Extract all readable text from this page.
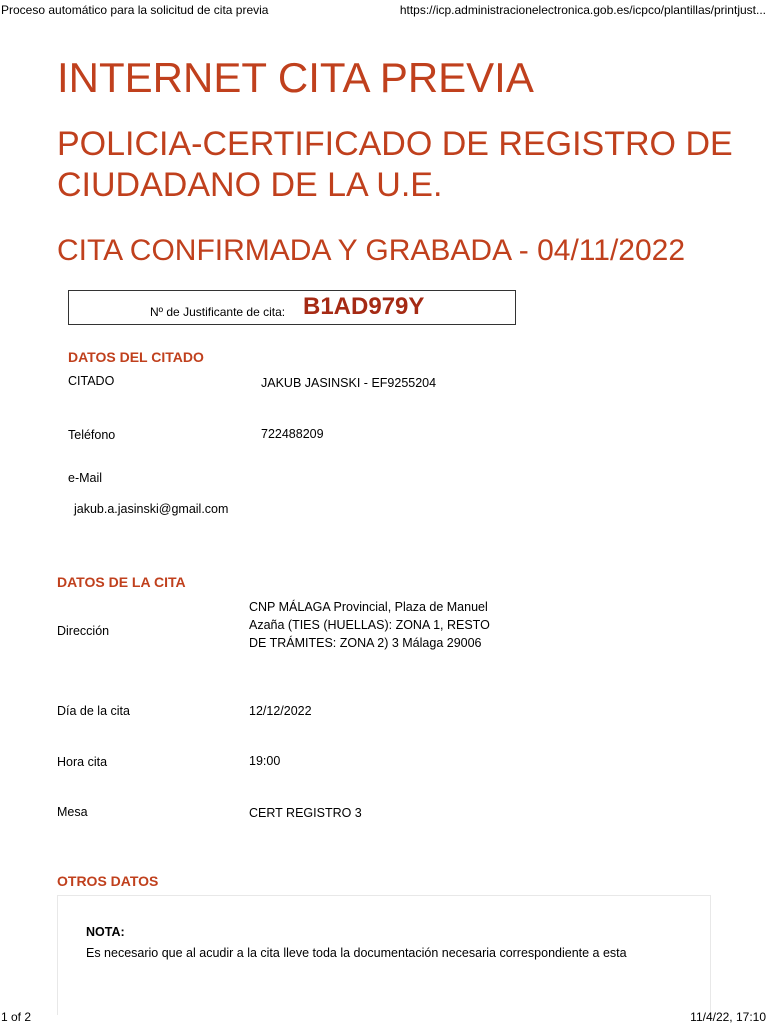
Proceso automático para la solicitud de cita previa	https://icp.administracionelectronica.gob.es/icpco/plantillas/printjust...
INTERNET CITA PREVIA
POLICIA-CERTIFICADO DE REGISTRO DE CIUDADANO DE LA U.E.
CITA CONFIRMADA Y GRABADA - 04/11/2022
Nº de Justificante de cita: B1AD979Y
DATOS DEL CITADO
CITADO	JAKUB JASINSKI - EF9255204
Teléfono	722488209
e-Mail
jakub.a.jasinski@gmail.com
DATOS DE LA CITA
Dirección
CNP MÁLAGA Provincial, Plaza de Manuel Azaña (TIES (HUELLAS): ZONA 1, RESTO DE TRÁMITES: ZONA 2) 3 Málaga 29006
Día de la cita	12/12/2022
Hora cita	19:00
Mesa	CERT REGISTRO 3
OTROS DATOS
NOTA:
Es necesario que al acudir a la cita lleve toda la documentación necesaria correspondiente a esta
1 of 2	11/4/22, 17:10
